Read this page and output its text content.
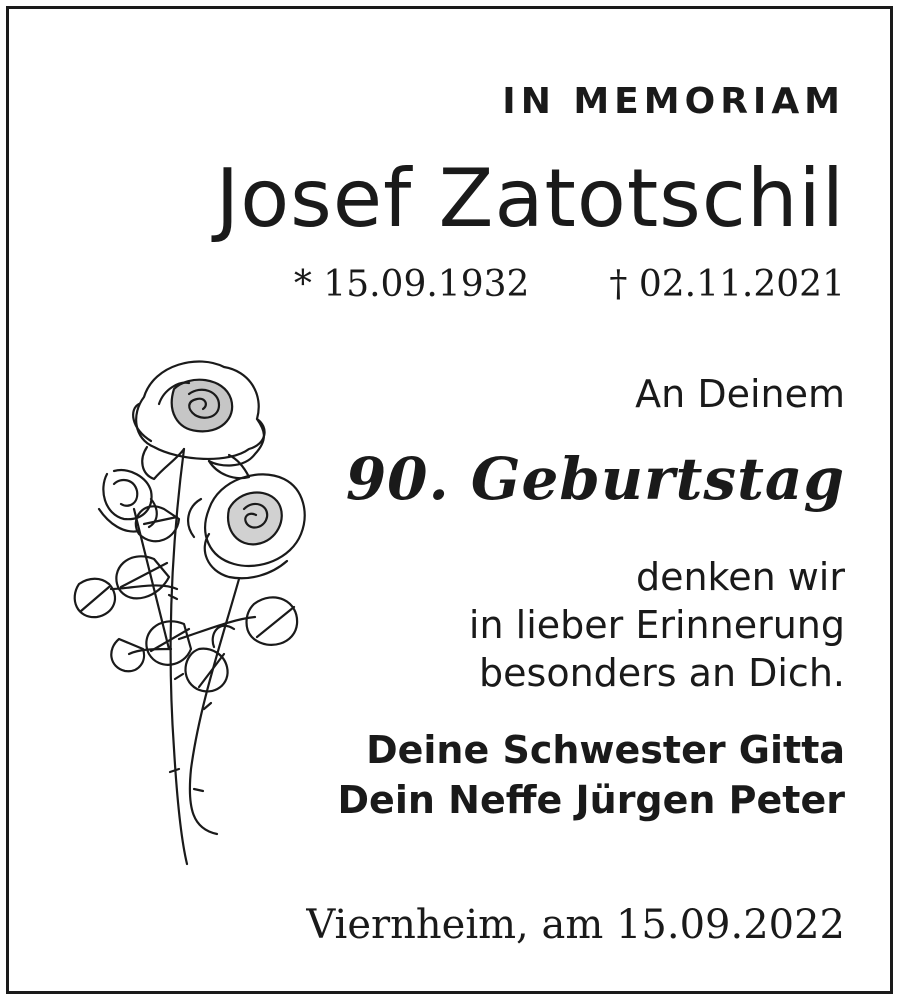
IN MEMORIAM
Josef Zatotschil
* 15.09.1932 † 02.11.2021
An Deinem
90. Geburtstag
denken wir
in lieber Erinnerung
besonders an Dich.
Deine Schwester Gitta
Dein Neffe Jürgen Peter
Viernheim, am 15.09.2022
